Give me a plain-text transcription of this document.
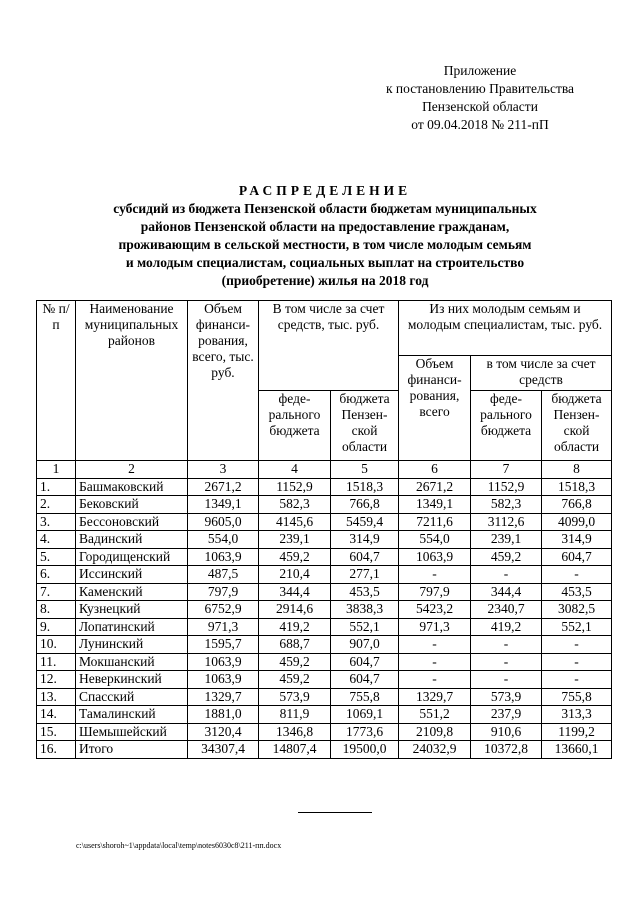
Приложение
к постановлению Правительства
Пензенской области
от 09.04.2018 № 211-пП
РАСПРЕДЕЛЕНИЕ
субсидий из бюджета Пензенской области бюджетам муниципальных
районов Пензенской области на предоставление гражданам,
проживающим в сельской местности, в том числе молодым семьям
и молодым специалистам, социальных выплат на строительство
(приобретение) жилья на 2018 год
№ п/п	Наименование муниципальных районов	Объем финанси-рования, всего, тыс. руб.	В том числе за счет средств, тыс. руб.		Из них молодым семьям и молодым специалистам, тыс. руб.		
					Объем финанси-рования, всего	в том числе за счет средств	
			феде-рального бюджета	бюджета Пензен-ской области		феде-рального бюджета	бюджета Пензен-ской области
1	2	3	4	5	6	7	8
1.	Башмаковский	2671,2	1152,9	1518,3	2671,2	1152,9	1518,3
2.	Бековский	1349,1	582,3	766,8	1349,1	582,3	766,8
3.	Бессоновский	9605,0	4145,6	5459,4	7211,6	3112,6	4099,0
4.	Вадинский	554,0	239,1	314,9	554,0	239,1	314,9
5.	Городищенский	1063,9	459,2	604,7	1063,9	459,2	604,7
6.	Иссинский	487,5	210,4	277,1	-	-	-
7.	Каменский	797,9	344,4	453,5	797,9	344,4	453,5
8.	Кузнецкий	6752,9	2914,6	3838,3	5423,2	2340,7	3082,5
9.	Лопатинский	971,3	419,2	552,1	971,3	419,2	552,1
10.	Лунинский	1595,7	688,7	907,0	-	-	-
11.	Мокшанский	1063,9	459,2	604,7	-	-	-
12.	Неверкинский	1063,9	459,2	604,7	-	-	-
13.	Спасский	1329,7	573,9	755,8	1329,7	573,9	755,8
14.	Тамалинский	1881,0	811,9	1069,1	551,2	237,9	313,3
15.	Шемышейский	3120,4	1346,8	1773,6	2109,8	910,6	1199,2
16.	Итого	34307,4	14807,4	19500,0	24032,9	10372,8	13660,1
c:\users\shoroh~1\appdata\local\temp\notes6030c8\211-пп.docx
